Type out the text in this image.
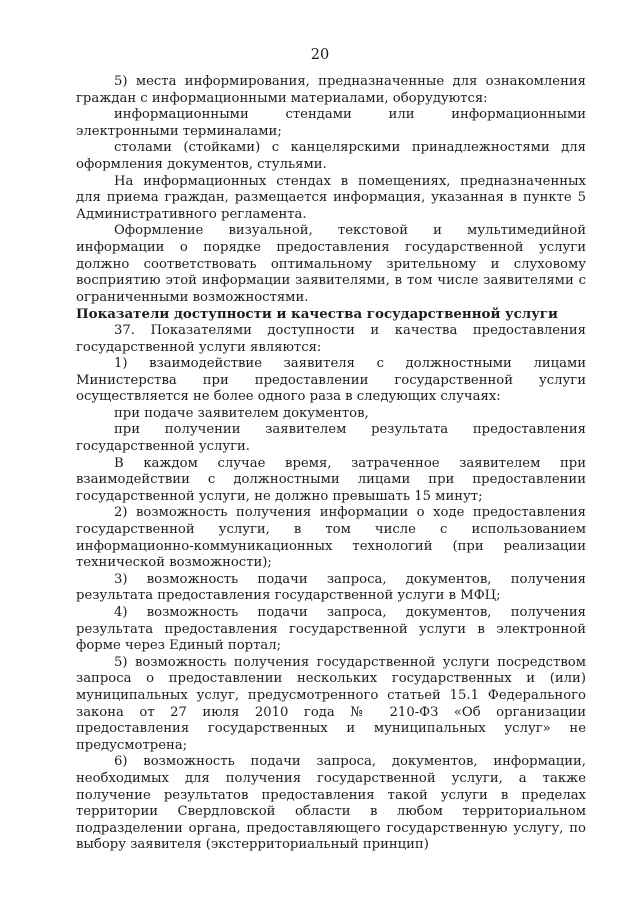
20

5) места информирования, предназначенные для ознакомления граждан с информационными материалами, оборудуются:

информационными стендами или информационными электронными терминалами;

столами (стойками) с канцелярскими принадлежностями для оформления документов, стульями.

На информационных стендах в помещениях, предназначенных для приема граждан, размещается информация, указанная в пункте 5 Административного регламента.

Оформление визуальной, текстовой и мультимедийной информации о порядке предоставления государственной услуги должно соответствовать оптимальному зрительному и слуховому восприятию этой информации заявителями, в том числе заявителями с ограниченными возможностями.

Показатели доступности и качества государственной услуги

37. Показателями доступности и качества предоставления государственной услуги являются:

1) взаимодействие заявителя с должностными лицами Министерства при предоставлении государственной услуги осуществляется не более одного раза в следующих случаях:

при подаче заявителем документов,

при получении заявителем результата предоставления государственной услуги.

В каждом случае время, затраченное заявителем при взаимодействии с должностными лицами при предоставлении государственной услуги, не должно превышать 15 минут;

2) возможность получения информации о ходе предоставления государственной услуги, в том числе с использованием информационно-коммуникационных технологий (при реализации технической возможности);

3) возможность подачи запроса, документов, получения результата предоставления государственной услуги в МФЦ;

4) возможность подачи запроса, документов, получения результата предоставления государственной услуги в электронной форме через Единый портал;

5) возможность получения государственной услуги посредством запроса о предоставлении нескольких государственных и (или) муниципальных услуг, предусмотренного статьей 15.1 Федерального закона от 27 июля 2010 года № 210-ФЗ «Об организации предоставления государственных и муниципальных услуг» не предусмотрена;

6) возможность подачи запроса, документов, информации, необходимых для получения государственной услуги, а также получение результатов предоставления такой услуги в пределах территории Свердловской области в любом территориальном подразделении органа, предоставляющего государственную услугу, по выбору заявителя (экстерриториальный принцип)
